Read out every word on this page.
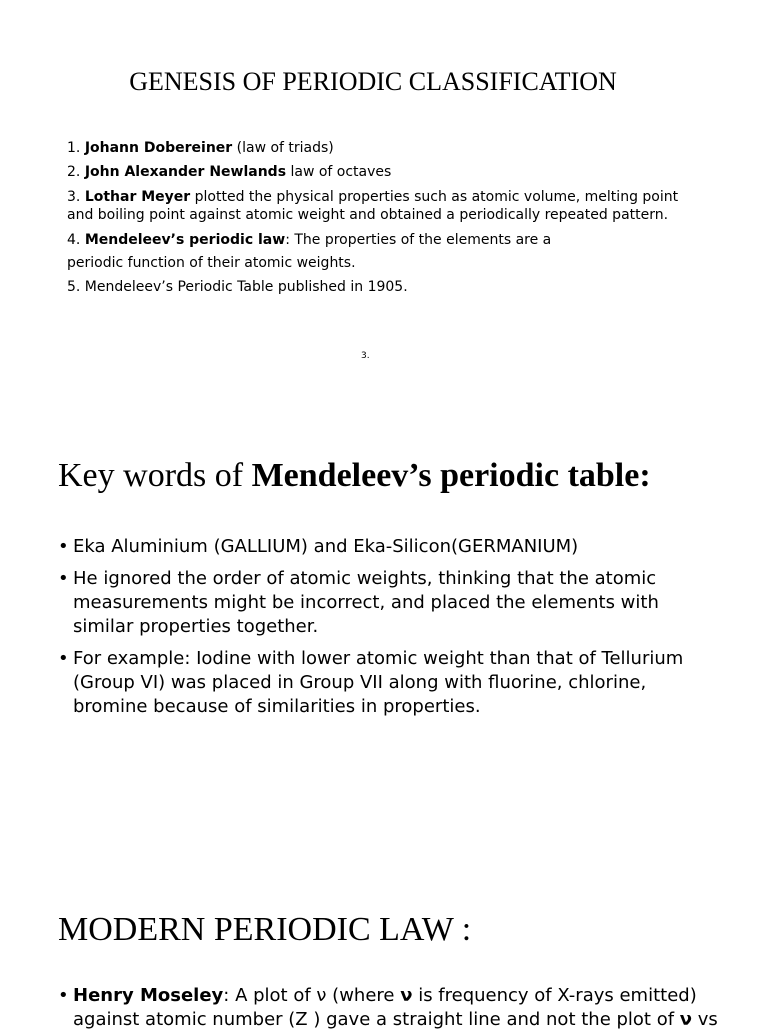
GENESIS OF PERIODIC CLASSIFICATION
1. Johann Dobereiner (law of triads)
2. John Alexander Newlands law of octaves
3. Lothar Meyer plotted the physical properties such as atomic volume, melting point
and boiling point against atomic weight and obtained a periodically repeated pattern.
4. Mendeleev’s periodic law: The properties of the elements are a
periodic function of their atomic weights.
5. Mendeleev’s Periodic Table published in 1905.
3.
Key words of Mendeleev’s periodic table:
• Eka Aluminium (GALLIUM) and Eka-Silicon(GERMANIUM)
• He ignored the order of atomic weights, thinking that the atomic
measurements might be incorrect, and placed the elements with
similar properties together.
• For example: Iodine with lower atomic weight than that of Tellurium
(Group VI) was placed in Group VII along with fluorine, chlorine,
bromine because of similarities in properties.
MODERN PERIODIC LAW :
• Henry Moseley: A plot of ν (where ν is frequency of X-rays emitted)
against atomic number (Z ) gave a straight line and not the plot of ν vs
